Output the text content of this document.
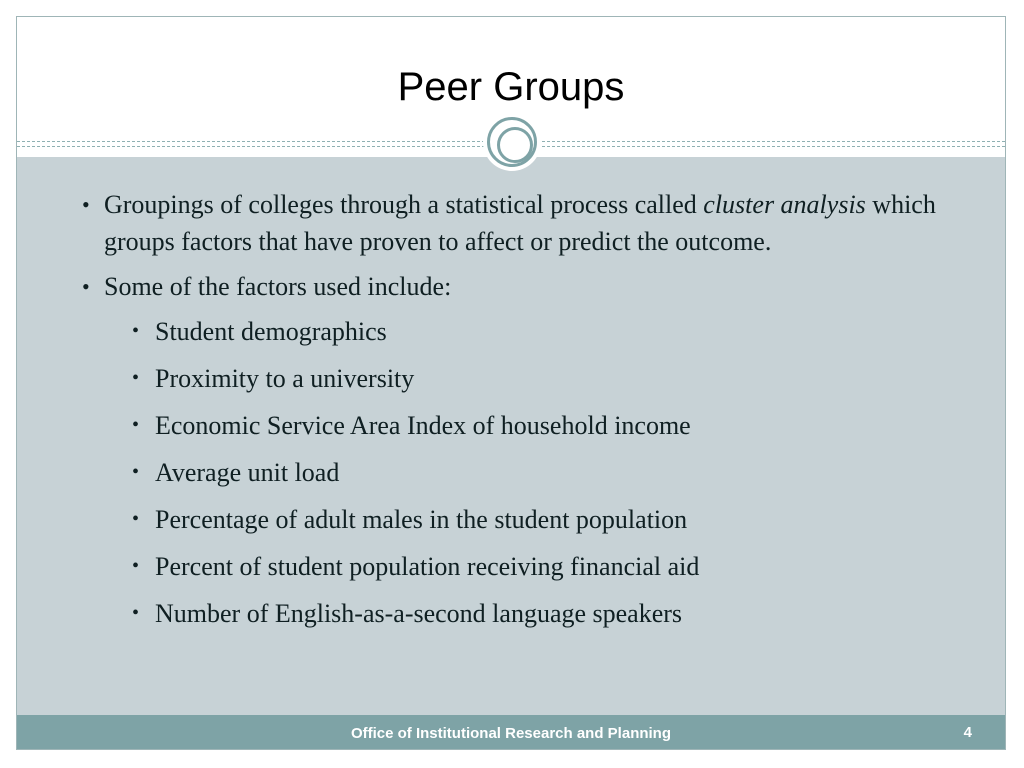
Peer Groups
• Groupings of colleges through a statistical process called cluster analysis which groups factors that have proven to affect or predict the outcome.
• Some of the factors used include:
• Student demographics
• Proximity to a university
• Economic Service Area Index of household income
• Average unit load
• Percentage of adult males in the student population
• Percent of student population receiving financial aid
• Number of English-as-a-second language speakers
Office of Institutional Research and Planning	4
